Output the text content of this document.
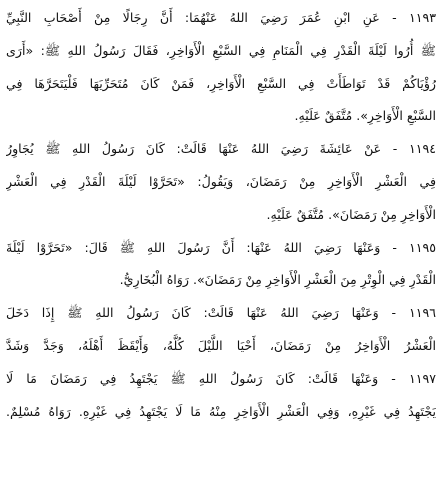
١١٩٣ - عَنِ ابْنِ عُمَرَ رَضِيَ اللهُ عَنْهُمَا: أَنَّ رِجَالًا مِنْ أَصْحَابِ النَّبِيِّ
ﷺ أُرُوا لَيْلَةَ الْقَدْرِ فِي الْمَنَامِ فِي السَّبْعِ الْأَوَاخِرِ، فَقَالَ رَسُولُ اللهِ ﷺ: «أَرَى
رُؤْيَاكُمْ قَدْ تَوَاطَأَتْ فِي السَّبْعِ الْأَوَاخِرِ، فَمَنْ كَانَ مُتَحَرِّيَهَا فَلْيَتَحَرَّهَا فِي
السَّبْعِ الْأَوَاخِرِ». مُتَّفَقٌ عَلَيْهِ.
١١٩٤ - عَنْ عَائِشَةَ رَضِيَ اللهُ عَنْهَا قَالَتْ: كَانَ رَسُولُ اللهِ ﷺ يُجَاوِرُ
فِي الْعَشْرِ الْأَوَاخِرِ مِنْ رَمَضَانَ، وَيَقُولُ: «تَحَرَّوْا لَيْلَةَ الْقَدْرِ فِي الْعَشْرِ
الْأَوَاخِرِ مِنْ رَمَضَانَ». مُتَّفَقٌ عَلَيْهِ.
١١٩٥ - وَعَنْهَا رَضِيَ اللهُ عَنْهَا: أَنَّ رَسُولَ اللهِ ﷺ قَالَ: «تَحَرَّوْا لَيْلَةَ
الْقَدْرِ فِي الْوِتْرِ مِنَ الْعَشْرِ الْأَوَاخِرِ مِنْ رَمَضَانَ». رَوَاهُ الْبُخَارِيُّ.
١١٩٦ - وَعَنْهَا رَضِيَ اللهُ عَنْهَا قَالَتْ: كَانَ رَسُولُ اللهِ ﷺ إِذَا دَخَلَ
الْعَشْرُ الْأَوَاخِرُ مِنْ رَمَضَانَ، أَحْيَا اللَّيْلَ كُلَّهُ، وَأَيْقَظَ أَهْلَهُ، وَجَدَّ وَشَدَّ
١١٩٧ - وَعَنْهَا قَالَتْ: كَانَ رَسُولُ اللهِ ﷺ يَجْتَهِدُ فِي رَمَضَانَ مَا لَا
يَجْتَهِدُ فِي غَيْرِهِ، وَفِي الْعَشْرِ الْأَوَاخِرِ مِنْهُ مَا لَا يَجْتَهِدُ فِي غَيْرِهِ. رَوَاهُ مُسْلِمٌ.
